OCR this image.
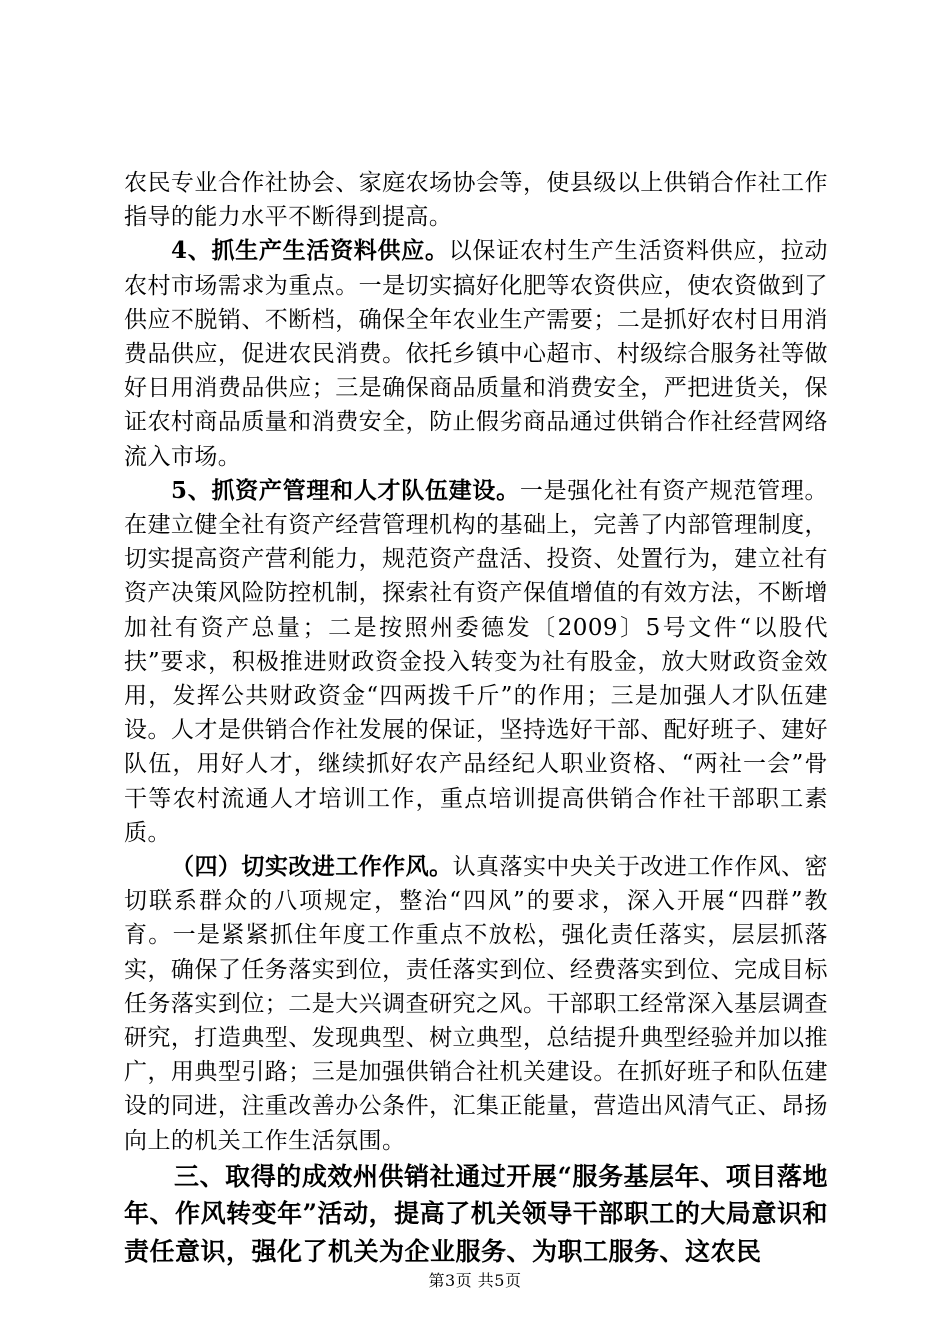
农民专业合作社协会、家庭农场协会等，使县级以上供销合作社工作指导的能力水平不断得到提高。

4、抓生产生活资料供应。以保证农村生产生活资料供应，拉动农村市场需求为重点。一是切实搞好化肥等农资供应，使农资做到了供应不脱销、不断档，确保全年农业生产需要；二是抓好农村日用消费品供应，促进农民消费。依托乡镇中心超市、村级综合服务社等做好日用消费品供应；三是确保商品质量和消费安全，严把进货关，保证农村商品质量和消费安全，防止假劣商品通过供销合作社经营网络流入市场。

5、抓资产管理和人才队伍建设。一是强化社有资产规范管理。在建立健全社有资产经营管理机构的基础上，完善了内部管理制度，切实提高资产营利能力，规范资产盘活、投资、处置行为，建立社有资产决策风险防控机制，探索社有资产保值增值的有效方法，不断增加社有资产总量；二是按照州委德发〔2009〕5号文件“以股代扶”要求，积极推进财政资金投入转变为社有股金，放大财政资金效用，发挥公共财政资金“四两拨千斤”的作用；三是加强人才队伍建设。人才是供销合作社发展的保证，坚持选好干部、配好班子、建好队伍，用好人才，继续抓好农产品经纪人职业资格、“两社一会”骨干等农村流通人才培训工作，重点培训提高供销合作社干部职工素质。

（四）切实改进工作作风。认真落实中央关于改进工作作风、密切联系群众的八项规定，整治“四风”的要求，深入开展“四群”教育。一是紧紧抓住年度工作重点不放松，强化责任落实，层层抓落实，确保了任务落实到位，责任落实到位、经费落实到位、完成目标任务落实到位；二是大兴调查研究之风。干部职工经常深入基层调查研究，打造典型、发现典型、树立典型，总结提升典型经验并加以推广，用典型引路；三是加强供销合社机关建设。在抓好班子和队伍建设的同进，注重改善办公条件，汇集正能量，营造出风清气正、昂扬向上的机关工作生活氛围。

三、取得的成效州供销社通过开展“服务基层年、项目落地年、作风转变年”活动，提高了机关领导干部职工的大局意识和责任意识，强化了机关为企业服务、为职工服务、这农民

第3页 共5页
